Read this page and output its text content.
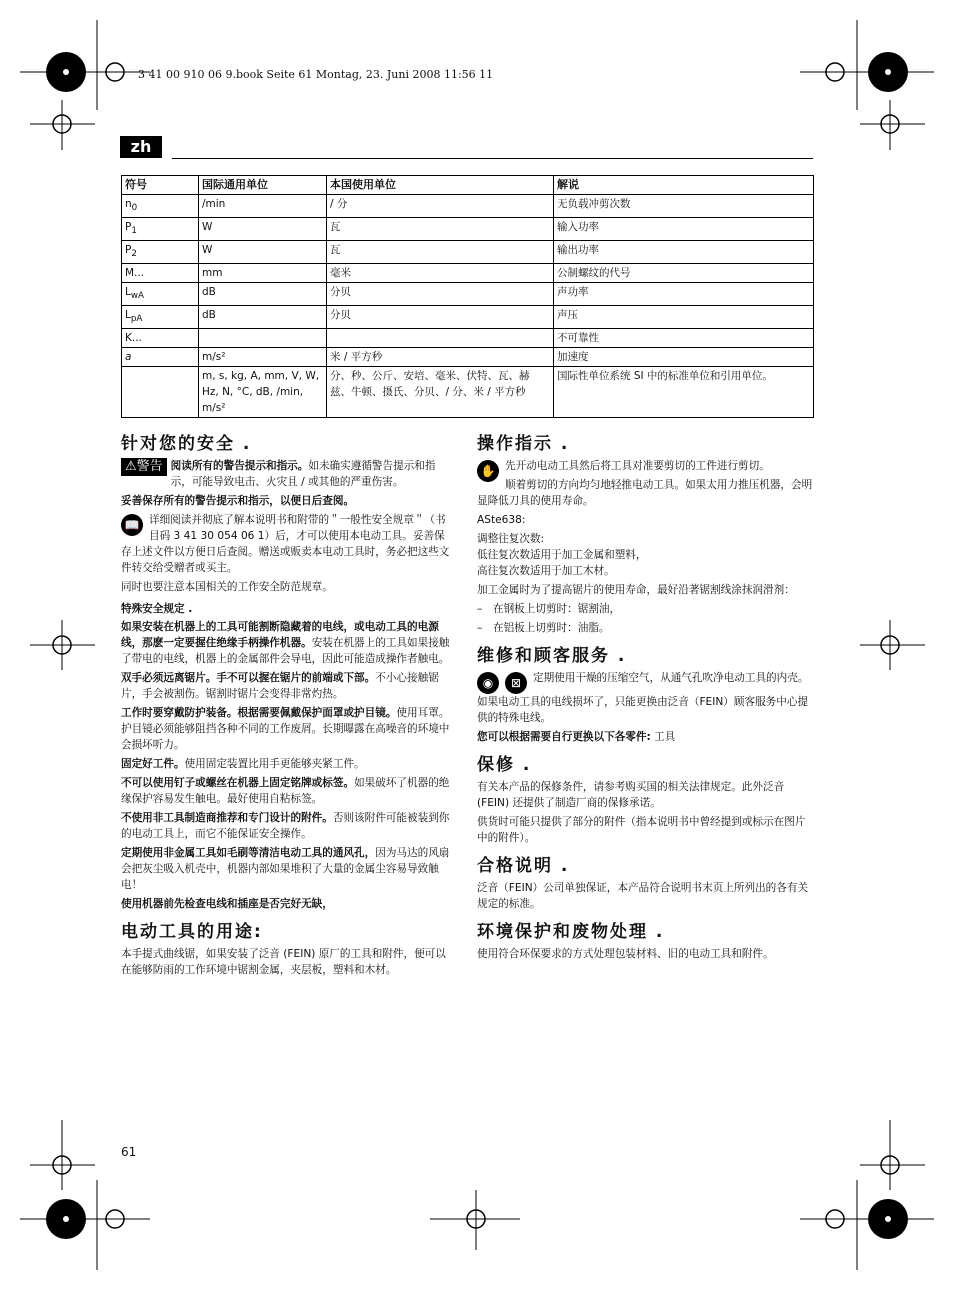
3 41 00 910 06 9.book Seite 61 Montag, 23. Juni 2008 11:56 11
zh
符号	国际通用单位	本国使用单位	解说
$n_0$	/min	/ 分	无负载冲剪次数
$P_1$	W	瓦	输入功率
$P_2$	W	瓦	输出功率
M...	mm	毫米	公制螺纹的代号
$L_{wA}$	dB	分贝	声功率
$L_{pA}$	dB	分贝	声压
K...			不可靠性
a	m/s²	米 / 平方秒	加速度
	m, s, kg, A, mm, V, W, Hz, N, °C, dB, /min, m/s²	分、秒、公斤、安培、毫米、伏特、瓦、赫兹、牛顿、摄氏、分贝、/ 分、米 / 平方秒	国际性单位系统 SI 中的标准单位和引用单位。
针对您的安全 .

⚠警告 阅读所有的警告提示和指示。如未确实遵循警告提示和指示，可能导致电击、火灾且 / 或其他的严重伤害。

妥善保存所有的警告提示和指示，以便日后查阅。

📖 详细阅读并彻底了解本说明书和附带的＂一般性安全规章＂（书目码 3 41 30 054 06 1）后，才可以使用本电动工具。妥善保存上述文件以方便日后查阅。赠送或贩卖本电动工具时，务必把这些文件转交给受赠者或买主。

同时也要注意本国相关的工作安全防范规章。

特殊安全规定 .

如果安装在机器上的工具可能割断隐藏着的电线，或电动工具的电源线，那麽一定要握住绝缘手柄操作机器。安装在机器上的工具如果接触了带电的电线，机器上的金属部件会导电，因此可能造成操作者触电。

双手必须远离锯片。手不可以握在锯片的前端或下部。不小心接触锯片，手会被割伤。锯割时锯片会变得非常灼热。

工作时要穿戴防护装备。根据需要佩戴保护面罩或护目镜。使用耳罩。护目镜必须能够阻挡各种不同的工作废屑。长期曝露在高噪音的环境中会损坏听力。

固定好工件。使用固定装置比用手更能够夹紧工件。

不可以使用钉子或螺丝在机器上固定铭牌或标签。如果破坏了机器的绝缘保护容易发生触电。最好使用自粘标签。

不使用非工具制造商推荐和专门设计的附件。否则该附件可能被装到你的电动工具上，而它不能保证安全操作。

定期使用非金属工具如毛刷等清洁电动工具的通风孔，因为马达的风扇会把灰尘吸入机壳中，机器内部如果堆积了大量的金属尘容易导致触电！

使用机器前先检查电线和插座是否完好无缺，

电动工具的用途:

本手提式曲线锯，如果安装了泛音 (FEIN) 原厂的工具和附件，便可以在能够防雨的工作环境中锯割金属，夹层板，塑料和木材。

操作指示 .

✋ 先开动电动工具然后将工具对准要剪切的工件进行剪切。

顺着剪切的方向均匀地轻推电动工具。如果太用力推压机器，会明显降低刀具的使用寿命。

ASte638:

调整往复次数:
低往复次数适用于加工金属和塑料，
高往复次数适用于加工木材。

加工金属时为了提高锯片的使用寿命，最好沿著锯割线涂抹润滑剂：

– 在钢板上切剪时：锯割油，

– 在铝板上切剪时：油脂。

维修和顾客服务 .

◉	⊠	定期使用干燥的压缩空气，从通气孔吹净电动工具的内壳。

如果电动工具的电线损坏了，只能更换由泛音（FEIN）顾客服务中心提供的特殊电线。

您可以根据需要自行更换以下各零件: 工具

保修 .

有关本产品的保修条件，请参考购买国的相关法律规定。此外泛音 (FEIN) 还提供了制造厂商的保修承诺。

供货时可能只提供了部分的附件（指本说明书中曾经提到或标示在图片中的附件）。

合格说明 .

泛音（FEIN）公司单独保证，本产品符合说明书末页上所列出的各有关规定的标准。

环境保护和废物处理 .

使用符合环保要求的方式处理包装材料、旧的电动工具和附件。

61
